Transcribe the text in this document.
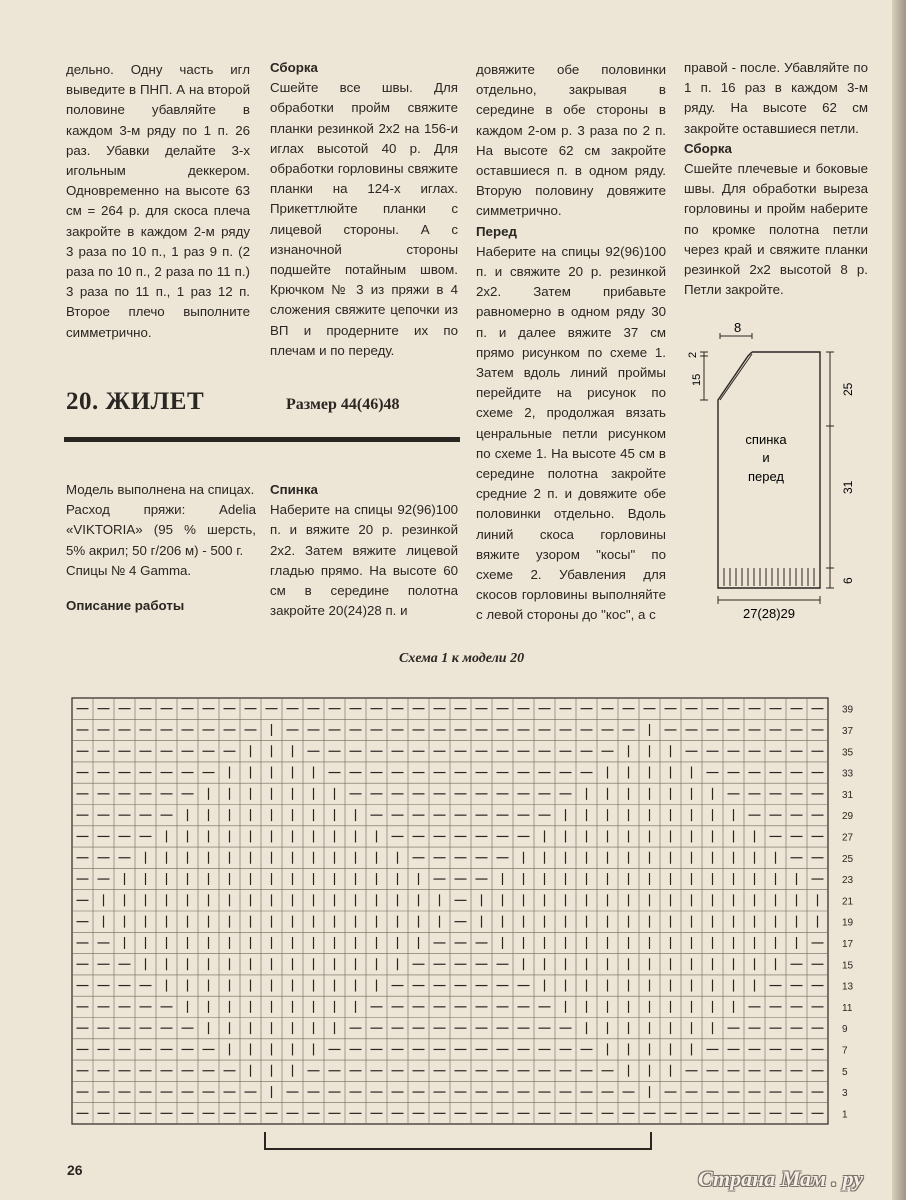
дельно. Одну часть игл выведите в ПНП. А на второй половине убавляйте в каждом 3-м ряду по 1 п. 26 раз. Убавки делайте 3-х игольным деккером. Одновременно на высоте 63 см = 264 р. для скоса плеча закройте в каждом 2-м ряду 3 раза по 10 п., 1 раз 9 п. (2 раза по 10 п., 2 раза по 11 п.) 3 раза по 11 п., 1 раз 12 п. Второе плечо выполните симметрично.

Сборка

Сшейте все швы. Для обработки пройм свяжите планки резинкой 2х2 на 156-и иглах высотой 40 р. Для обработки горловины свяжите планки на 124-х иглах. Прикеттлюйте планки с лицевой стороны. А с изнаночной стороны подшейте потайным швом. Крючком № 3 из пряжи в 4 сложения свяжите цепочки из ВП и продерните их по плечам и по переду.

довяжите обе половинки отдельно, закрывая в середине в обе стороны в каждом 2-ом р. 3 раза по 2 п. На высоте 62 см закройте оставшиеся п. в одном ряду. Вторую половину довяжите симметрично.

Перед

Наберите на спицы 92(96)100 п. и свяжите 20 р. резинкой 2х2. Затем прибавьте равномерно в одном ряду 30 п. и далее вяжите 37 см прямо рисунком по схеме 1. Затем вдоль линий проймы перейдите на рисунок по схеме 2, продолжая вязать ценральные петли рисунком по схеме 1. На высоте 45 см в середине полотна закройте средние 2 п. и довяжите обе половинки отдельно. Вдоль линий скоса горловины вяжите узором "косы" по схеме 2. Убавления для скосов горловины выполняйте с левой стороны до "кос", а с

правой - после. Убавляйте по 1 п. 16 раз в каждом 3-м ряду. На высоте 62 см закройте оставшиеся петли.

Сборка

Сшейте плечевые и боковые швы. Для обработки выреза горловины и пройм наберите по кромке полотна петли через край и свяжите планки резинкой 2х2 высотой 8 р. Петли закройте.

20. ЖИЛЕТ	Размер 44(46)48

Модель выполнена на спицах.

Расход пряжи: Adelia «VIKTORIA» (95 % шерсть, 5% акрил; 50 г/206 м) - 500 г.

Спицы № 4 Gamma.

Описание работы

Спинка

Наберите на спицы 92(96)100 п. и вяжите 20 р. резинкой 2х2. Затем вяжите лицевой гладью прямо. На высоте 60 см в середине полотна закройте 20(24)28 п. и

8
2
15
25
31
6
спинка
и
перед
27(28)29
Схема 1 к модели 20
39
37
35
33
31
29
27
25
23
21
19
17
15
13
11
9
7
5
3
1
26	Страна Мам . ру
